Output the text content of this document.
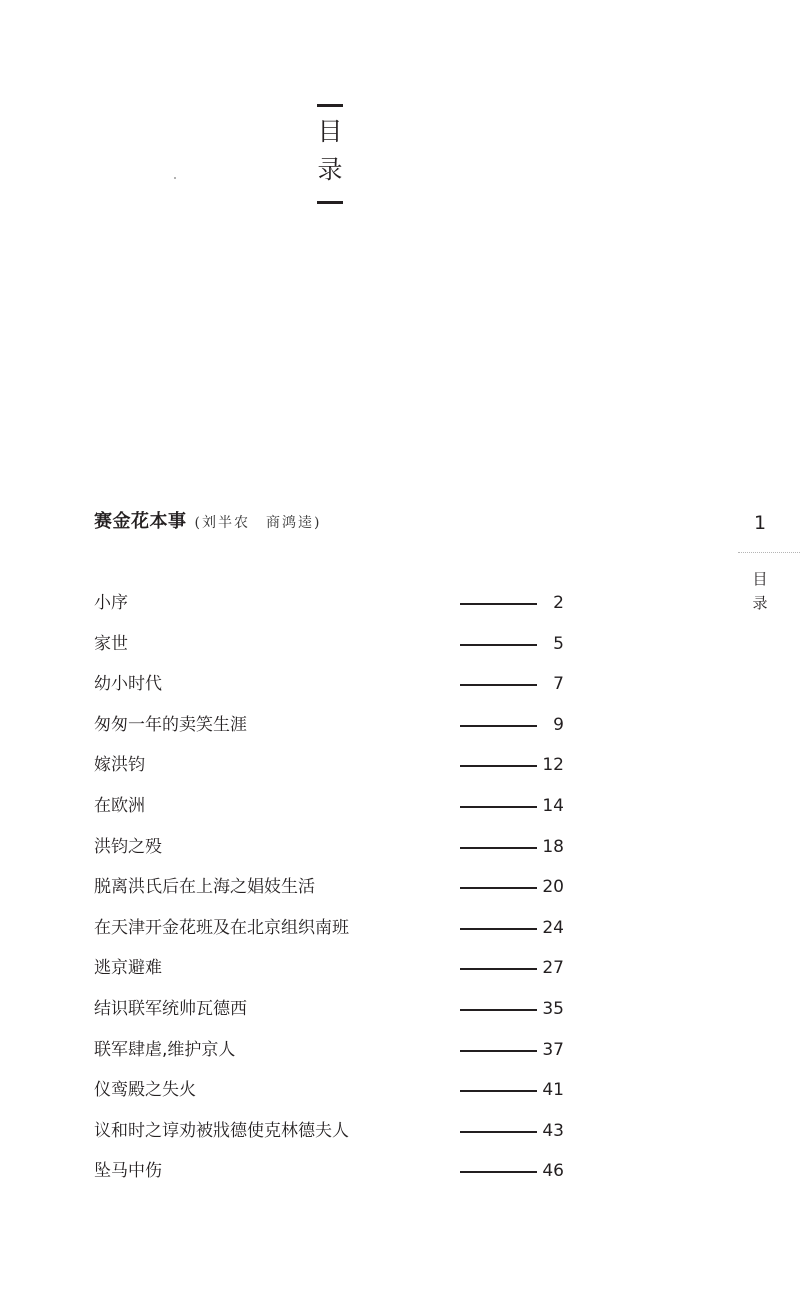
目
录
赛金花本事 (刘半农　商鸿逵)
小序	2
家世	5
幼小时代	7
匆匆一年的卖笑生涯	9
嫁洪钧	12
在欧洲	14
洪钧之殁	18
脱离洪氏后在上海之娼妓生活	20
在天津开金花班及在北京组织南班	24
逃京避难	27
结识联军统帅瓦德西	35
联军肆虐,维护京人	37
仪鸾殿之失火	41
议和时之谆劝被戕德使克林德夫人	43
坠马中伤	46
1
目
录
